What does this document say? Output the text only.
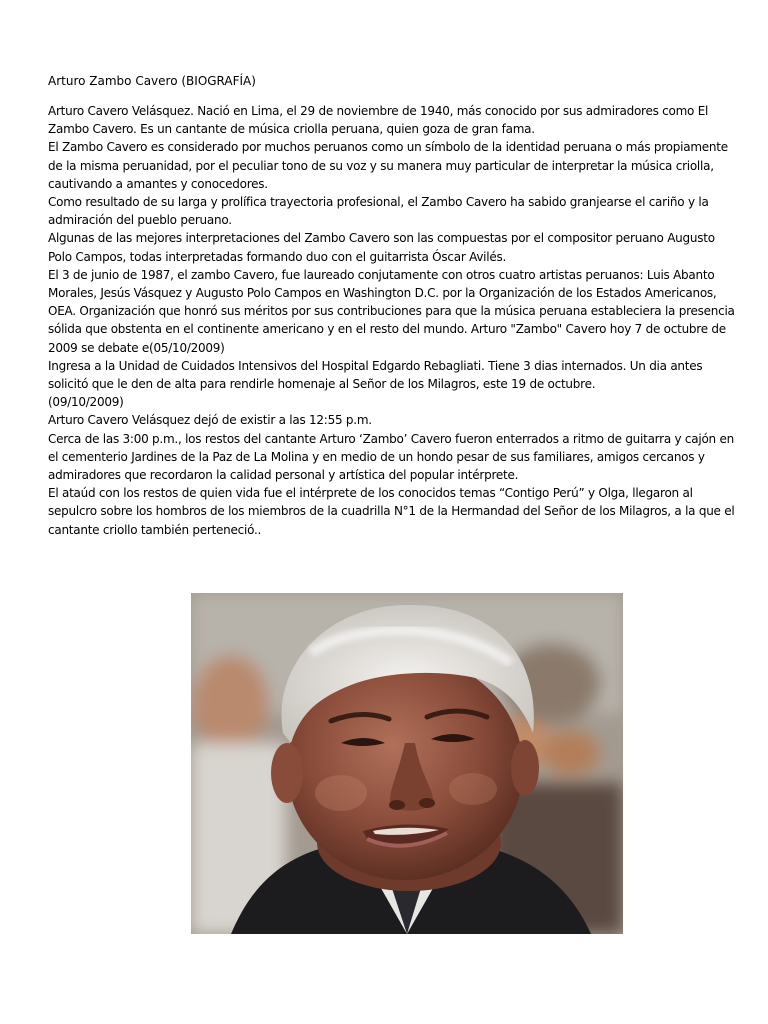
Arturo Zambo Cavero (BIOGRAFÍA)

Arturo Cavero Velásquez. Nació en Lima, el 29 de noviembre de 1940, más conocido por sus admiradores como El Zambo Cavero. Es un cantante de música criolla peruana, quien goza de gran fama.

El Zambo Cavero es considerado por muchos peruanos como un símbolo de la identidad peruana o más propiamente de la misma peruanidad, por el peculiar tono de su voz y su manera muy particular de interpretar la música criolla, cautivando a amantes y conocedores.

Como resultado de su larga y prolífica trayectoria profesional, el Zambo Cavero ha sabido granjearse el cariño y la admiración del pueblo peruano.

Algunas de las mejores interpretaciones del Zambo Cavero son las compuestas por el compositor peruano Augusto Polo Campos, todas interpretadas formando duo con el guitarrista Óscar Avilés.

El 3 de junio de 1987, el zambo Cavero, fue laureado conjutamente con otros cuatro artistas peruanos: Luis Abanto Morales, Jesús Vásquez y Augusto Polo Campos en Washington D.C. por la Organización de los Estados Americanos, OEA. Organización que honró sus méritos por sus contribuciones para que la música peruana estableciera la presencia sólida que obstenta en el continente americano y en el resto del mundo. Arturo "Zambo" Cavero hoy 7 de octubre de 2009 se debate e(05/10/2009)

Ingresa a la Unidad de Cuidados Intensivos del Hospital Edgardo Rebagliati. Tiene 3 dias internados. Un dia antes solicitó que le den de alta para rendirle homenaje al Señor de los Milagros, este 19 de octubre.

(09/10/2009)

Arturo Cavero Velásquez dejó de existir a las 12:55 p.m.

Cerca de las 3:00 p.m., los restos del cantante Arturo ‘Zambo’ Cavero fueron enterrados a ritmo de guitarra y cajón en el cementerio Jardines de la Paz de La Molina y en medio de un hondo pesar de sus familiares, amigos cercanos y admiradores que recordaron la calidad personal y artística del popular intérprete.

El ataúd con los restos de quien vida fue el intérprete de los conocidos temas “Contigo Perú” y Olga, llegaron al sepulcro sobre los hombros de los miembros de la cuadrilla N°1 de la Hermandad del Señor de los Milagros, a la que el cantante criollo también perteneció..
